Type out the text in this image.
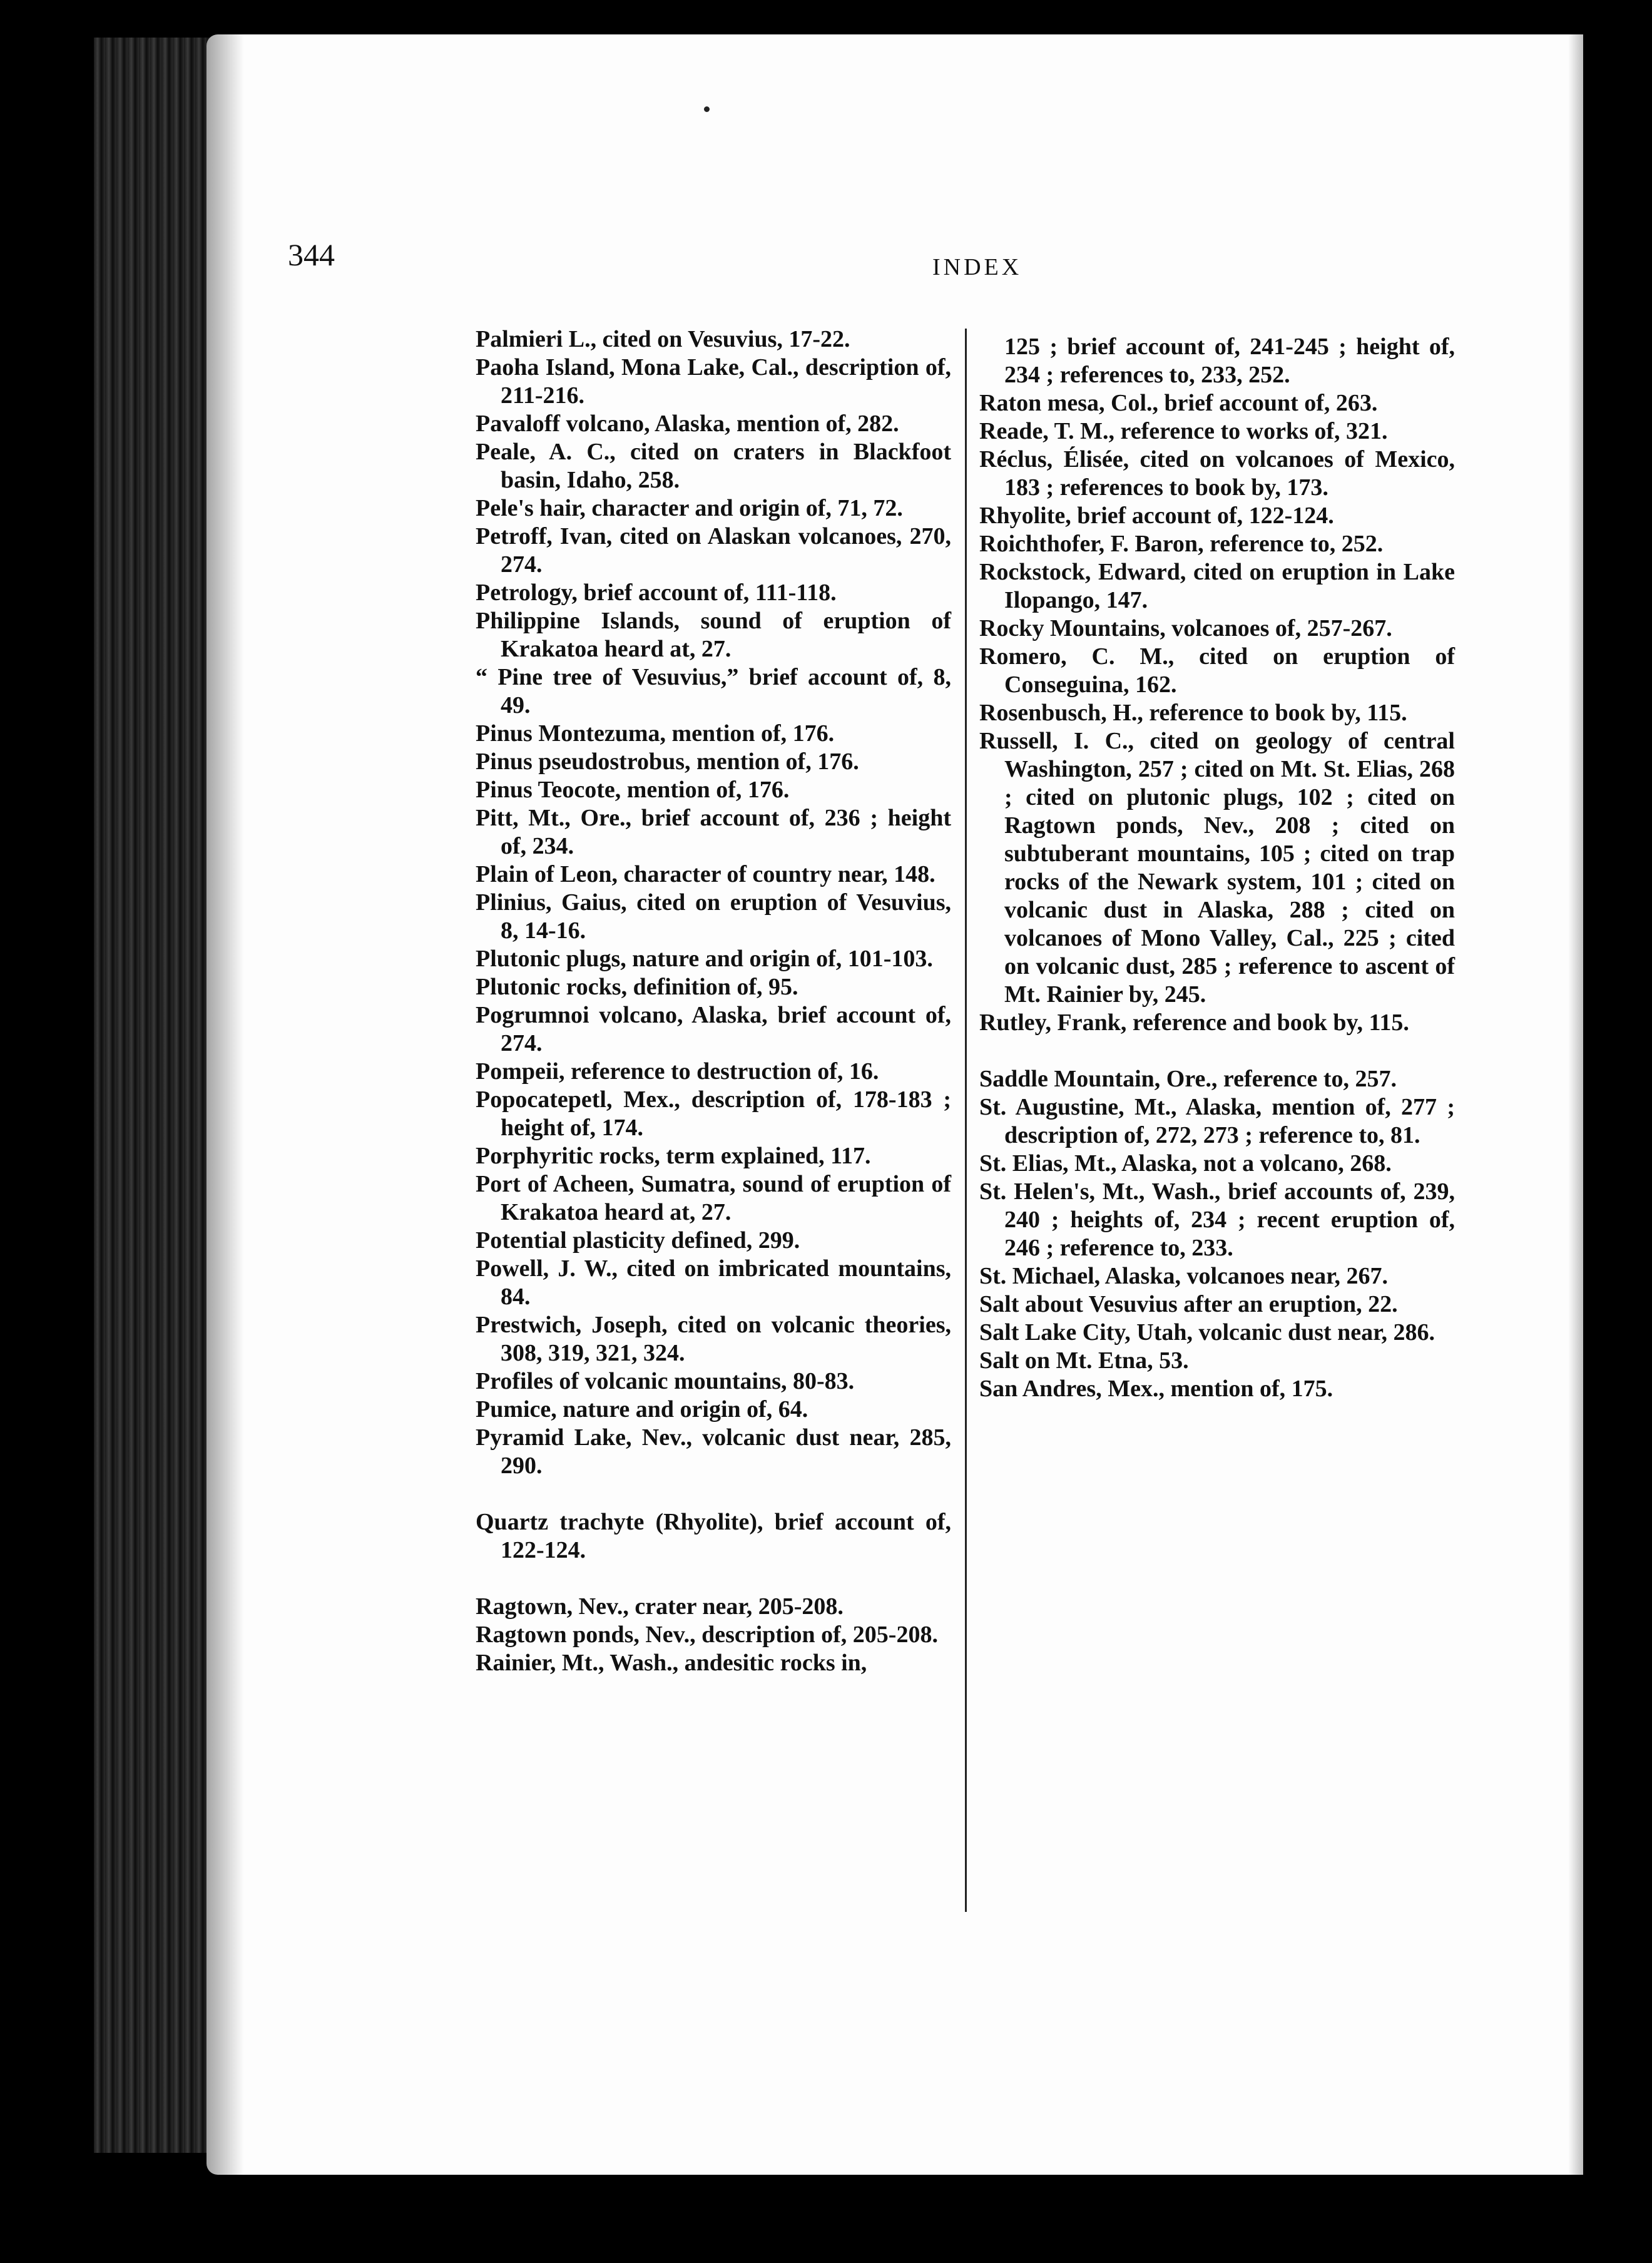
344	INDEX

Palmieri L., cited on Vesuvius, 17-22.

Paoha Island, Mona Lake, Cal., description of, 211-216.

Pavaloff volcano, Alaska, mention of, 282.

Peale, A. C., cited on craters in Blackfoot basin, Idaho, 258.

Pele's hair, character and origin of, 71, 72.

Petroff, Ivan, cited on Alaskan volcanoes, 270, 274.

Petrology, brief account of, 111-118.

Philippine Islands, sound of eruption of Krakatoa heard at, 27.

“ Pine tree of Vesuvius,” brief account of, 8, 49.

Pinus Montezuma, mention of, 176.

Pinus pseudostrobus, mention of, 176.

Pinus Teocote, mention of, 176.

Pitt, Mt., Ore., brief account of, 236 ; height of, 234.

Plain of Leon, character of country near, 148.

Plinius, Gaius, cited on eruption of Vesuvius, 8, 14-16.

Plutonic plugs, nature and origin of, 101-103.

Plutonic rocks, definition of, 95.

Pogrumnoi volcano, Alaska, brief account of, 274.

Pompeii, reference to destruction of, 16.

Popocatepetl, Mex., description of, 178-183 ; height of, 174.

Porphyritic rocks, term explained, 117.

Port of Acheen, Sumatra, sound of eruption of Krakatoa heard at, 27.

Potential plasticity defined, 299.

Powell, J. W., cited on imbricated mountains, 84.

Prestwich, Joseph, cited on volcanic theories, 308, 319, 321, 324.

Profiles of volcanic mountains, 80-83.

Pumice, nature and origin of, 64.

Pyramid Lake, Nev., volcanic dust near, 285, 290.

Quartz trachyte (Rhyolite), brief account of, 122-124.

Ragtown, Nev., crater near, 205-208.

Ragtown ponds, Nev., description of, 205-208.

Rainier, Mt., Wash., andesitic rocks in,

125 ; brief account of, 241-245 ; height of, 234 ; references to, 233, 252.

Raton mesa, Col., brief account of, 263.

Reade, T. M., reference to works of, 321.

Réclus, Élisée, cited on volcanoes of Mexico, 183 ; references to book by, 173.

Rhyolite, brief account of, 122-124.

Roichthofer, F. Baron, reference to, 252.

Rockstock, Edward, cited on eruption in Lake Ilopango, 147.

Rocky Mountains, volcanoes of, 257-267.

Romero, C. M., cited on eruption of Conseguina, 162.

Rosenbusch, H., reference to book by, 115.

Russell, I. C., cited on geology of central Washington, 257 ; cited on Mt. St. Elias, 268 ; cited on plutonic plugs, 102 ; cited on Ragtown ponds, Nev., 208 ; cited on subtuberant mountains, 105 ; cited on trap rocks of the Newark system, 101 ; cited on volcanic dust in Alaska, 288 ; cited on volcanoes of Mono Valley, Cal., 225 ; cited on volcanic dust, 285 ; reference to ascent of Mt. Rainier by, 245.

Rutley, Frank, reference and book by, 115.

Saddle Mountain, Ore., reference to, 257.

St. Augustine, Mt., Alaska, mention of, 277 ; description of, 272, 273 ; reference to, 81.

St. Elias, Mt., Alaska, not a volcano, 268.

St. Helen's, Mt., Wash., brief accounts of, 239, 240 ; heights of, 234 ; recent eruption of, 246 ; reference to, 233.

St. Michael, Alaska, volcanoes near, 267.

Salt about Vesuvius after an eruption, 22.

Salt Lake City, Utah, volcanic dust near, 286.

Salt on Mt. Etna, 53.

San Andres, Mex., mention of, 175.
